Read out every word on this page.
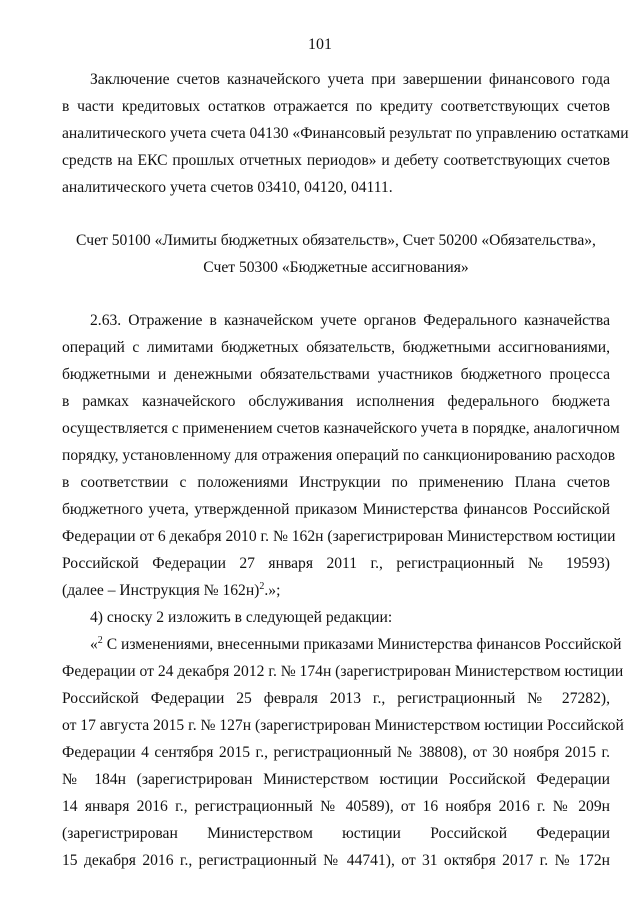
101
Заключение счетов казначейского учета при завершении финансового года
в части кредитовых остатков отражается по кредиту соответствующих счетов
аналитического учета счета 04130 «Финансовый результат по управлению остатками
средств на ЕКС прошлых отчетных периодов» и дебету соответствующих счетов
аналитического учета счетов 03410, 04120, 04111.
Счет 50100 «Лимиты бюджетных обязательств», Счет 50200 «Обязательства»,
Счет 50300 «Бюджетные ассигнования»
2.63. Отражение в казначейском учете органов Федерального казначейства
операций с лимитами бюджетных обязательств, бюджетными ассигнованиями,
бюджетными и денежными обязательствами участников бюджетного процесса
в рамках казначейского обслуживания исполнения федерального бюджета
осуществляется с применением счетов казначейского учета в порядке, аналогичном
порядку, установленному для отражения операций по санкционированию расходов
в соответствии с положениями Инструкции по применению Плана счетов
бюджетного учета, утвержденной приказом Министерства финансов Российской
Федерации от 6 декабря 2010 г. № 162н (зарегистрирован Министерством юстиции
Российской Федерации 27 января 2011 г., регистрационный № 19593)
(далее – Инструкция № 162н)$^2$.»;
4) сноску 2 изложить в следующей редакции:
«$^2$ С изменениями, внесенными приказами Министерства финансов Российской
Федерации от 24 декабря 2012 г. № 174н (зарегистрирован Министерством юстиции
Российской Федерации 25 февраля 2013 г., регистрационный № 27282),
от 17 августа 2015 г. № 127н (зарегистрирован Министерством юстиции Российской
Федерации 4 сентября 2015 г., регистрационный № 38808), от 30 ноября 2015 г.
№ 184н (зарегистрирован Министерством юстиции Российской Федерации
14 января 2016 г., регистрационный № 40589), от 16 ноября 2016 г. № 209н
(зарегистрирован Министерством юстиции Российской Федерации
15 декабря 2016 г., регистрационный № 44741), от 31 октября 2017 г. № 172н
